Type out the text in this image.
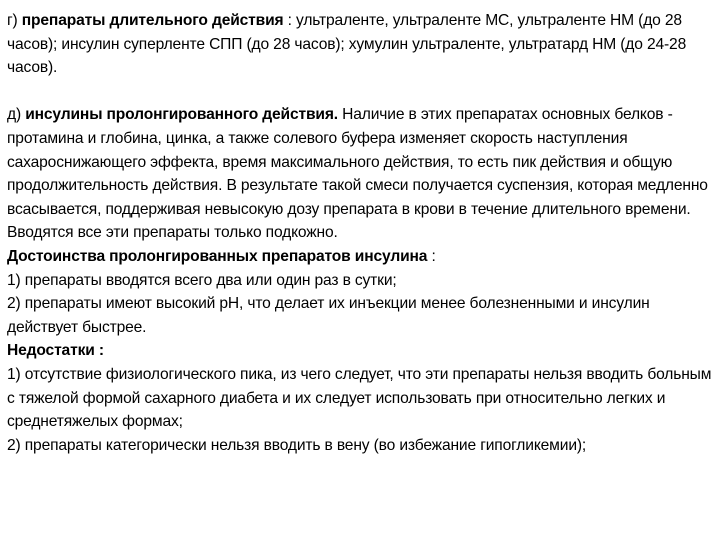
г) препараты длительного действия : ультраленте, ультраленте МС, ультраленте НМ (до 28 часов); инсулин суперленте СПП (до 28 часов); хумулин ультраленте, ультратард НМ (до 24-28 часов).

д) инсулины пролонгированного действия. Наличие в этих препаратах основных белков - протамина и глобина, цинка, а также солевого буфера изменяет скорость наступления сахароснижающего эффекта, время максимального действия, то есть пик действия и общую продолжительность действия. В результате такой смеси получается суспензия, которая медленно всасывается, поддерживая невысокую дозу препарата в крови в течение длительного времени.

Вводятся все эти препараты только подкожно.

Достоинства пролонгированных препаратов инсулина :

1) препараты вводятся всего два или один раз в сутки;

2) препараты имеют высокий рН, что делает их инъекции менее болезненными и инсулин действует быстрее.

Недостатки :

1) отсутствие физиологического пика, из чего следует, что эти препараты нельзя вводить больным с тяжелой формой сахарного диабета и их следует использовать при относительно легких и среднетяжелых формах;

2) препараты категорически нельзя вводить в вену (во избежание гипогликемии);
